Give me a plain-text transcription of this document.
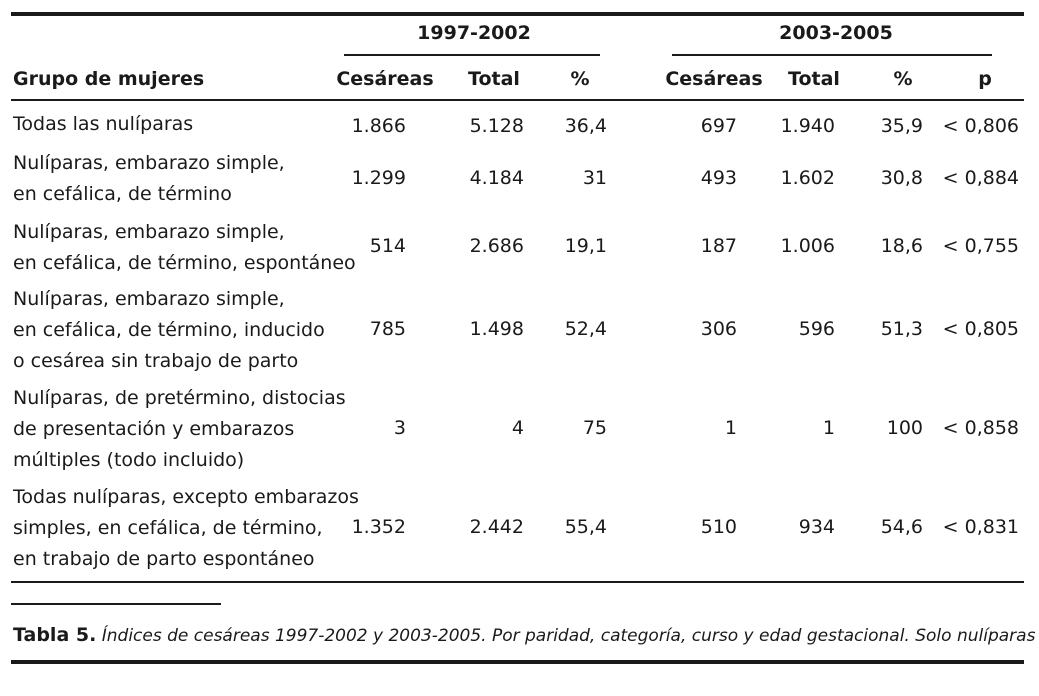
1997-2002	2003-2005
Grupo de mujeres	Cesáreas	Total	%	Cesáreas	Total	%	p
Todas las nulíparas	1.866	5.128	36,4	697	1.940	35,9	< 0,806
Nulíparas, embarazo simple,
en cefálica, de término
1.299	4.184	31	493	1.602	30,8	< 0,884
Nulíparas, embarazo simple,
en cefálica, de término, espontáneo
514	2.686	19,1	187	1.006	18,6	< 0,755
Nulíparas, embarazo simple,
en cefálica, de término, inducido
o cesárea sin trabajo de parto
785	1.498	52,4	306	596	51,3	< 0,805
Nulíparas, de pretérmino, distocias
de presentación y embarazos
múltiples (todo incluido)
3	4	75	1	1	100	< 0,858
Todas nulíparas, excepto embarazos
simples, en cefálica, de término,
en trabajo de parto espontáneo
1.352	2.442	55,4	510	934	54,6	< 0,831
Tabla 5. Índices de cesáreas 1997-2002 y 2003-2005. Por paridad, categoría, curso y edad gestacional. Solo nulíparas
